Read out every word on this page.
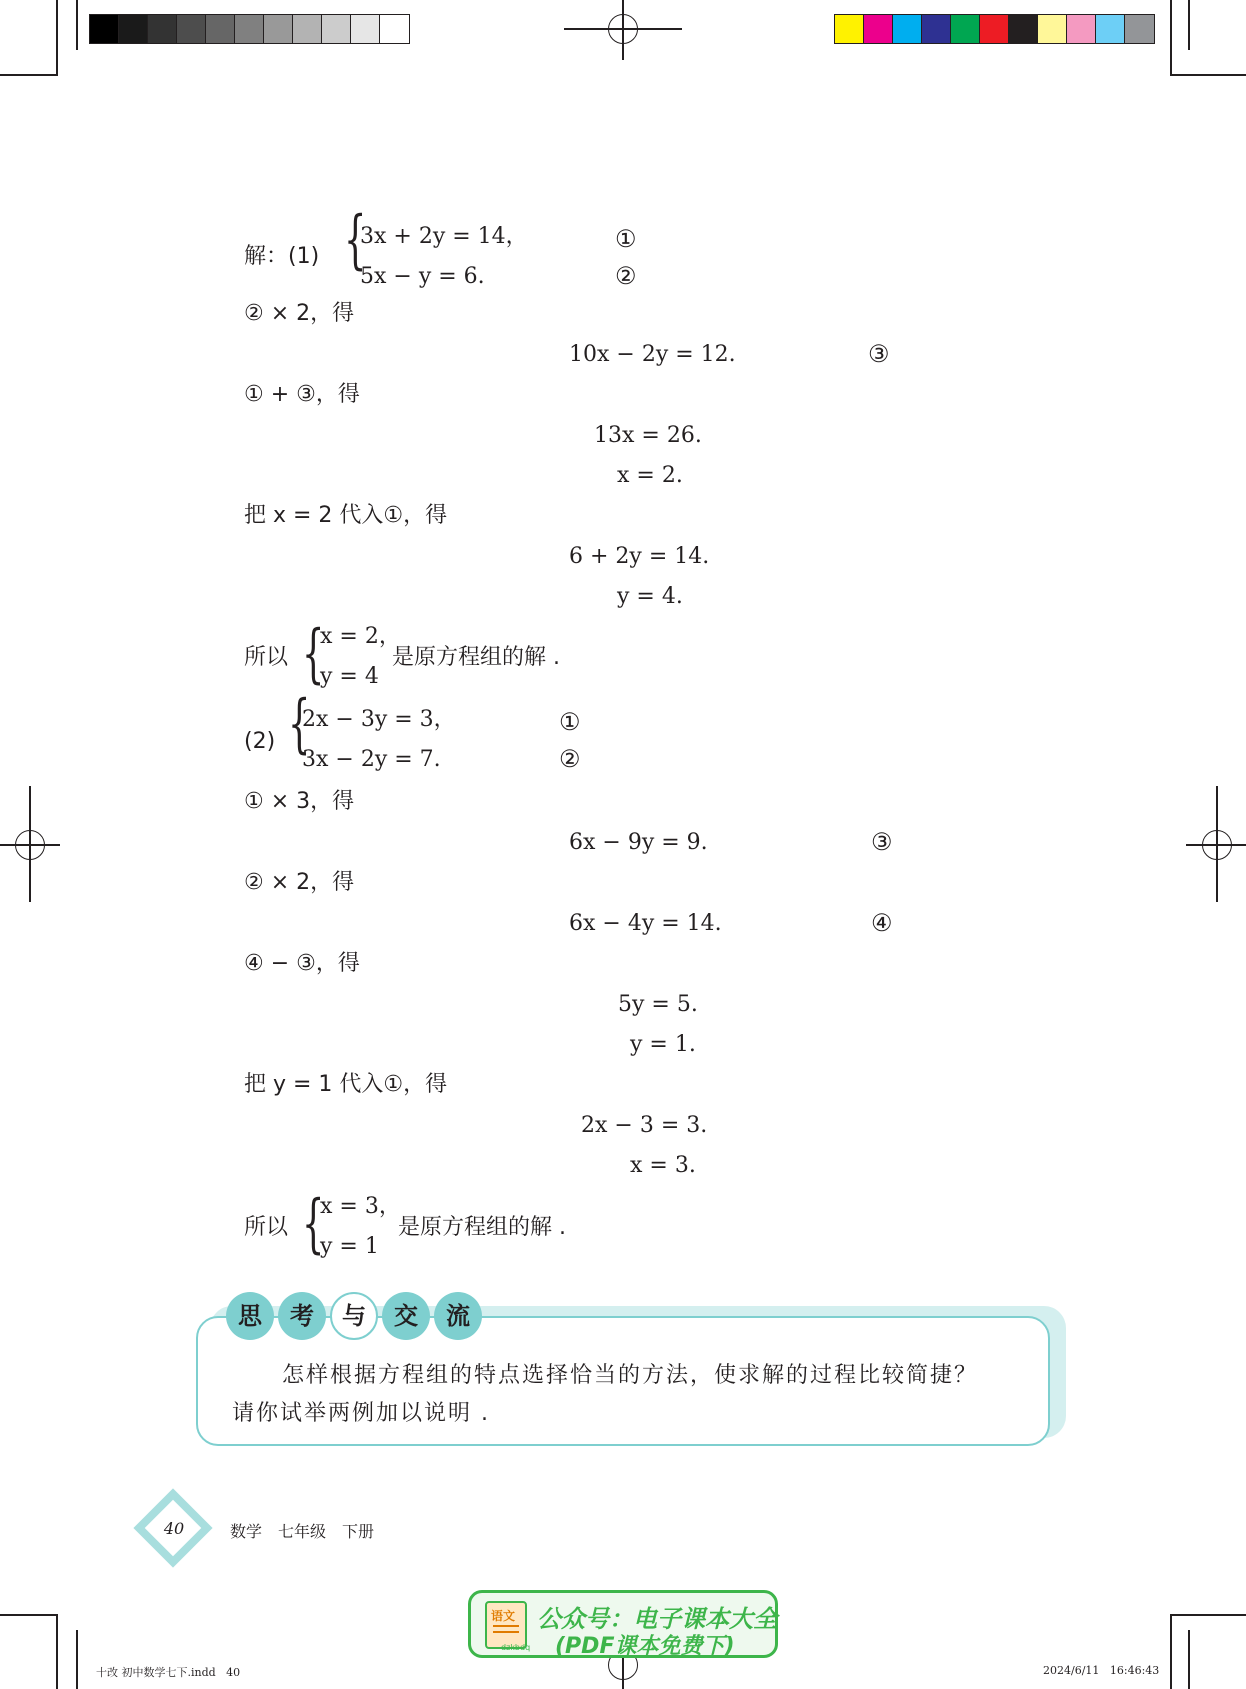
解：(1) {
3x + 2y = 14，
5x − y = 6.
①
②
② × 2，得
10x − 2y = 12.	③
① + ③，得
13x = 26.
x = 2.
把 x = 2 代入①，得
6 + 2y = 14.
y = 4.
所以 {
x = 2，
y = 4
是原方程组的解 .
(2) {
2x − 3y = 3，
3x − 2y = 7.
①
②
① × 3，得
6x − 9y = 9.	③
② × 2，得
6x − 4y = 14.	④
④ − ③，得
5y = 5.
y = 1.
把 y = 1 代入①，得
2x − 3 = 3.
x = 3.
所以 {
x = 3，
y = 1
是原方程组的解 .
怎样根据方程组的特点选择恰当的方法，使求解的过程比较简捷？
请你试举两例加以说明 .
思	考	与	交	流
40	数学　七年级　下册
十改 初中数学七下.indd   40	2024/6/11   16:46:43
语文
dzkbdq
公众号：电子课本大全
(PDF课本免费下)
